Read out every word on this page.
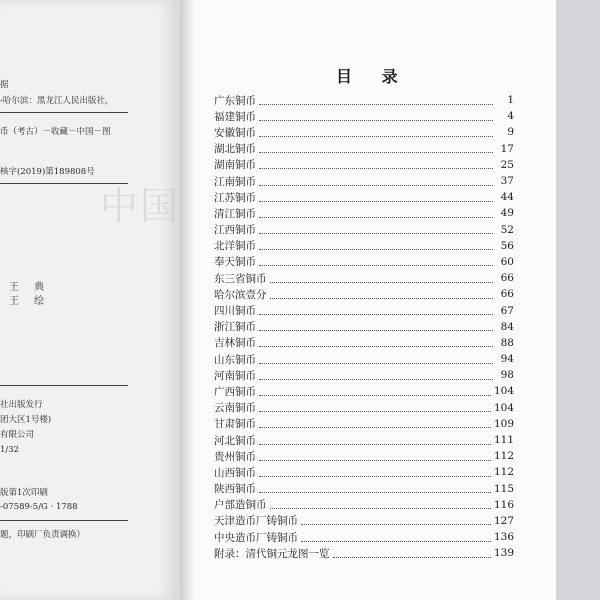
中国
据
-哈尔滨：黑龙江人民出版社，
币（考古）－收藏－中国－图
核字(2019)第189808号
王 典
王 绘
社出版发行
团大区1号楼)
有限公司
1/32
版第1次印刷
-07589-5/G · 1788
题，印刷厂负责调换）
目 录
广东铜币	1
福建铜币	4
安徽铜币	9
湖北铜币	17
湖南铜币	25
江南铜币	37
江苏铜币	44
清江铜币	49
江西铜币	52
北洋铜币	56
奉天铜币	60
东三省铜币	66
哈尔滨壹分	66
四川铜币	67
浙江铜币	84
吉林铜币	88
山东铜币	94
河南铜币	98
广西铜币	104
云南铜币	104
甘肃铜币	109
河北铜币	111
贵州铜币	112
山西铜币	112
陕西铜币	115
户部造铜币	116
天津造币厂铸铜币	127
中央造币厂铸铜币	136
附录：清代铜元龙图一览	139
